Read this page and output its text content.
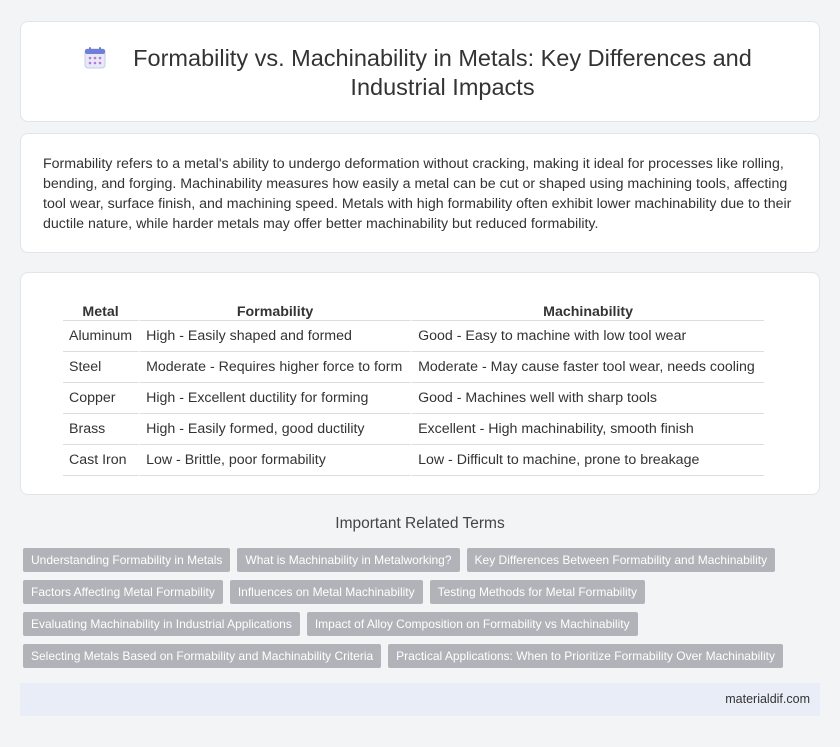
Formability vs. Machinability in Metals: Key Differences and Industrial Impacts

Formability refers to a metal's ability to undergo deformation without cracking, making it ideal for processes like rolling, bending, and forging. Machinability measures how easily a metal can be cut or shaped using machining tools, affecting tool wear, surface finish, and machining speed. Metals with high formability often exhibit lower machinability due to their ductile nature, while harder metals may offer better machinability but reduced formability.

Metal	Formability	Machinability
Aluminum	High - Easily shaped and formed	Good - Easy to machine with low tool wear
Steel	Moderate - Requires higher force to form	Moderate - May cause faster tool wear, needs cooling
Copper	High - Excellent ductility for forming	Good - Machines well with sharp tools
Brass	High - Easily formed, good ductility	Excellent - High machinability, smooth finish
Cast Iron	Low - Brittle, poor formability	Low - Difficult to machine, prone to breakage
Important Related Terms
Understanding Formability in Metals	What is Machinability in Metalworking?	Key Differences Between Formability and Machinability
Factors Affecting Metal Formability	Influences on Metal Machinability	Testing Methods for Metal Formability
Evaluating Machinability in Industrial Applications	Impact of Alloy Composition on Formability vs Machinability
Selecting Metals Based on Formability and Machinability Criteria	Practical Applications: When to Prioritize Formability Over Machinability
materialdif.com
